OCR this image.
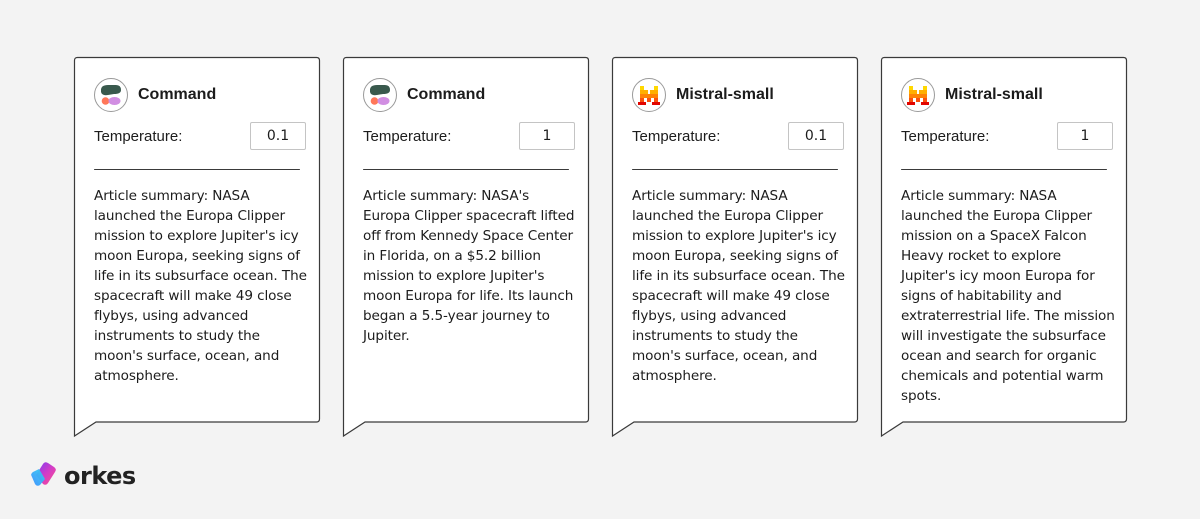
Command
Temperature:	0.1
Article summary: NASA launched the Europa Clipper mission to explore Jupiter's icy moon Europa, seeking signs of life in its subsurface ocean. The spacecraft will make 49 close flybys, using advanced instruments to study the moon's surface, ocean, and atmosphere.
Command
Temperature:	1
Article summary: NASA's Europa Clipper spacecraft lifted off from Kennedy Space Center in Florida, on a $5.2 billion mission to explore Jupiter's moon Europa for life. Its launch began a 5.5-year journey to Jupiter.
Mistral-small
Temperature:	0.1
Article summary: NASA launched the Europa Clipper mission to explore Jupiter's icy moon Europa, seeking signs of life in its subsurface ocean. The spacecraft will make 49 close flybys, using advanced instruments to study the moon's surface, ocean, and atmosphere.
Mistral-small
Temperature:	1
Article summary: NASA launched the Europa Clipper mission on a SpaceX Falcon Heavy rocket to explore Jupiter's icy moon Europa for signs of habitability and extraterrestrial life. The mission will investigate the subsurface ocean and search for organic chemicals and potential warm spots.
orkes
